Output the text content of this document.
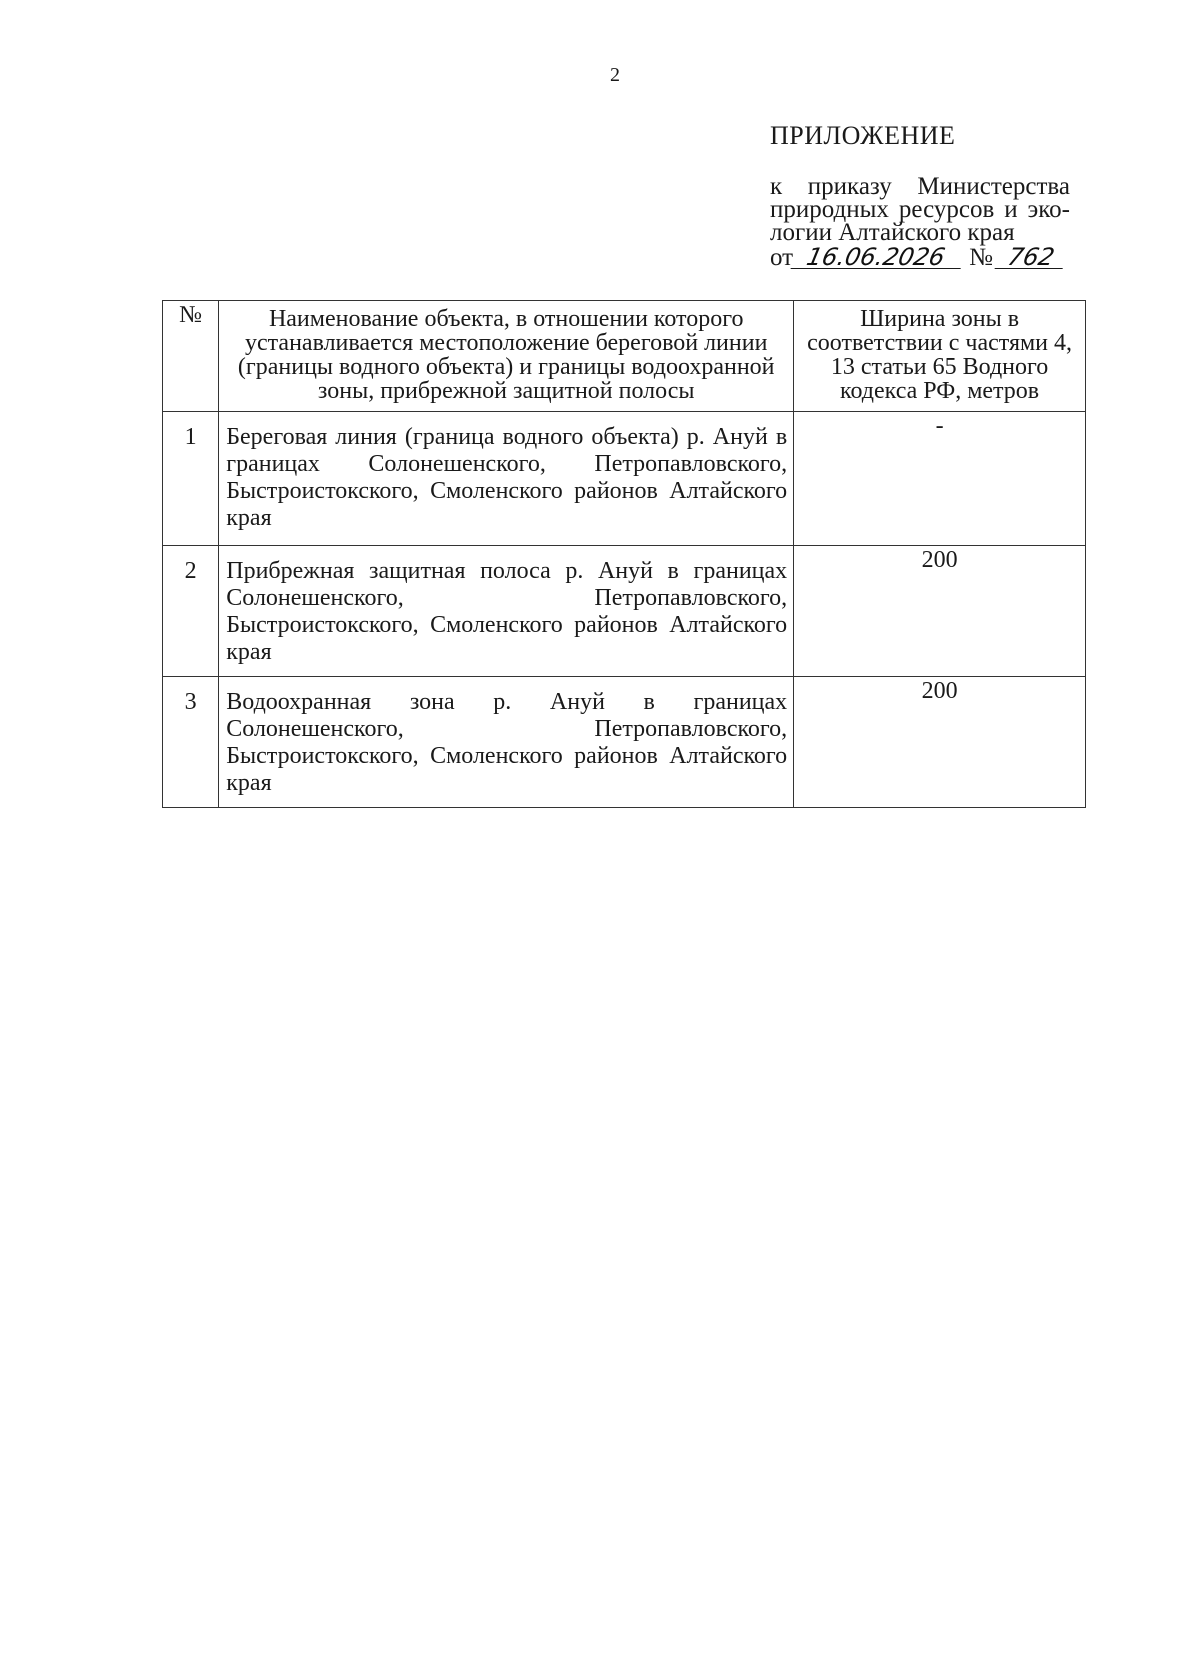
2
ПРИЛОЖЕНИЕ
к приказу Министерства
природных ресурсов и эко-
логии Алтайского края
от 16.06.2026 № 762
№	Наименование объекта, в отношении которого устанавливается местоположение береговой линии (границы водного объекта) и границы водоохранной зоны, прибрежной защитной полосы	Ширина зоны в соответствии с частями 4, 13 статьи 65 Водного кодекса РФ, метров
1	Береговая линия (граница водного объекта) р. Ануй в границах Солонешенского, Петропавловского, Быстроистокского, Смоленского районов Алтайского края	-
2	Прибрежная защитная полоса р. Ануй в границах Солонешенского, Петропавловского, Быстроистокского, Смоленского районов Алтайского края	200
3	Водоохранная зона р. Ануй в границах Солонешенского, Петропавловского, Быстроистокского, Смоленского районов Алтайского края	200
